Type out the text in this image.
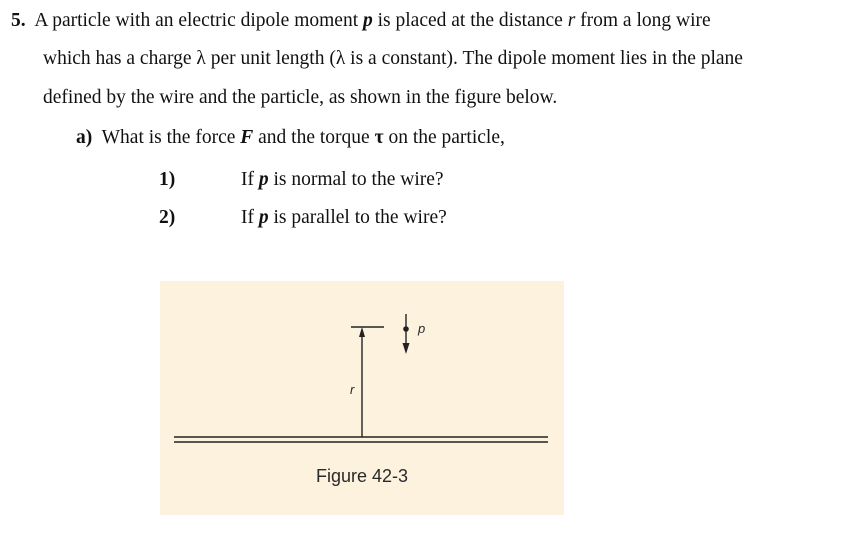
5. A particle with an electric dipole moment p is placed at the distance r from a long wire
which has a charge λ per unit length (λ is a constant). The dipole moment lies in the plane
defined by the wire and the particle, as shown in the figure below.
a) What is the force F and the torque τ on the particle,
1)	If p is normal to the wire?
2)	If p is parallel to the wire?
p
r
Figure 42-3
